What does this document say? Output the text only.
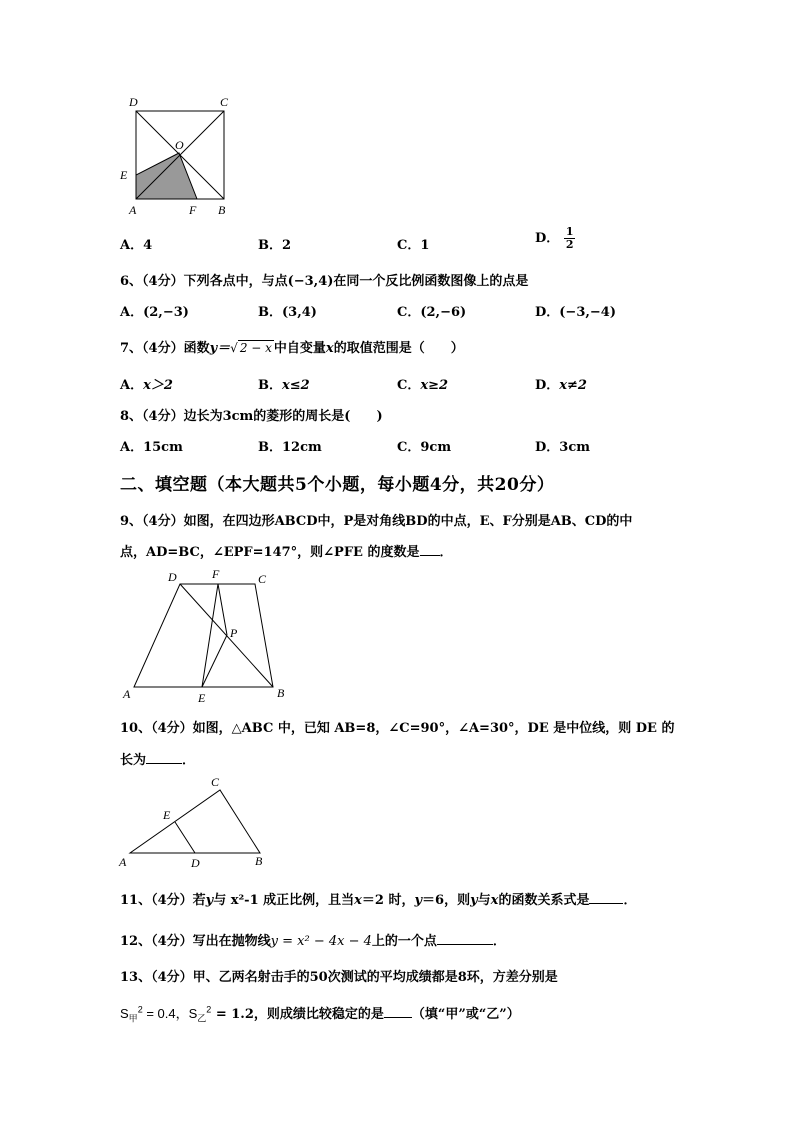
D	C
O
E
A	F B
A．4	B．2	C．1	D． $\frac{1}{2}$
6、（4分）下列各点中，与点(−3,4)在同一个反比例函数图像上的点是
A．(2,−3)	B．(3,4)	C．(2,−6)	D．(−3,−4)
7、（4分）函数y＝√ 2 − x 中自变量x的取值范围是（　　）
A．x＞2	B．x≤2	C．x≥2	D．x≠2
8、（4分）边长为3cm的菱形的周长是(　　)
A．15cm	B．12cm	C．9cm	D．3cm
二、填空题（本大题共5个小题，每小题4分，共20分）
9、（4分）如图，在四边形ABCD中，P是对角线BD的中点，E、F分别是AB、CD的中
点，AD=BC，∠EPF=147°，则∠PFE 的度数是 ．
D	F	C
P
A	E	B
10、（4分）如图，△ABC 中，已知 AB=8，∠C=90°，∠A=30°，DE 是中位线，则 DE 的
长为	．
C
E
A	D	B
11、（4分）若y与 x²-1 成正比例，且当x＝2 时，y＝6，则y与x的函数关系式是	．
12、（4分）写出在抛物线y = x² − 4x − 4上的一个点	．
13、（4分）甲、乙两名射击手的50次测试的平均成绩都是8环，方差分别是
$S_甲^2 = 0.4$，$S_乙^2 = 1.2$，则成绩比较稳定的是 （填“甲”或“乙”）
